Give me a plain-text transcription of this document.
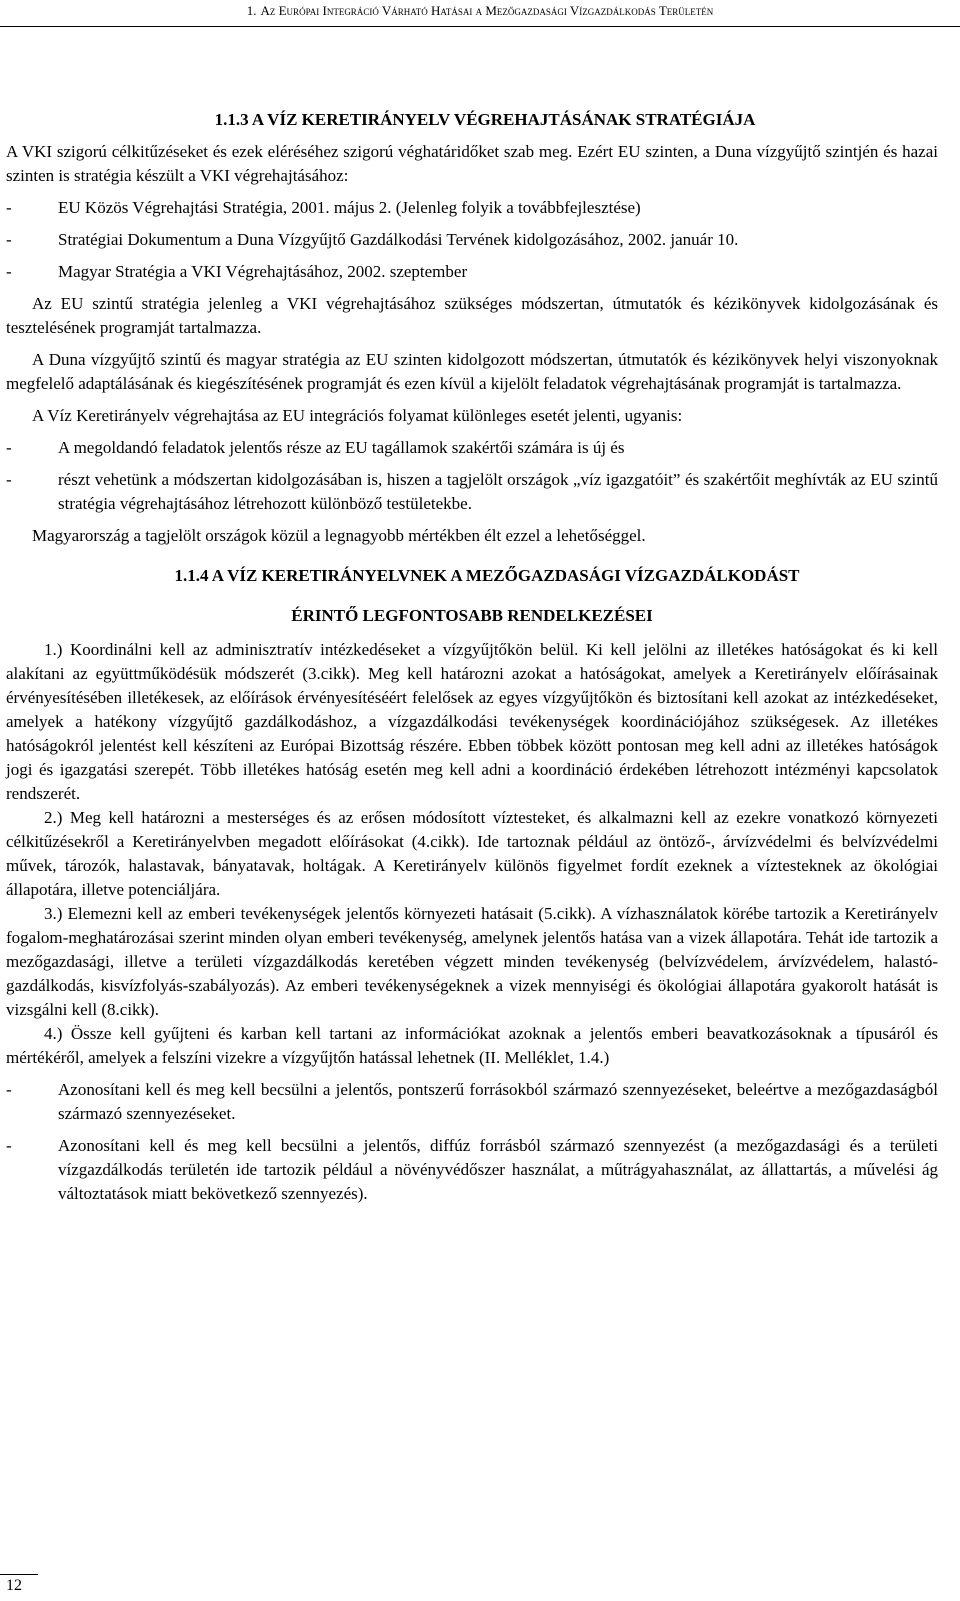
1. Az Európai Integráció Várható Hatásai a Mezőgazdasági Vízgazdálkodás Területén
1.1.3 A VÍZ KERETIRÁNYELV VÉGREHAJTÁSÁNAK STRATÉGIÁJA

A VKI szigorú célkitűzéseket és ezek eléréséhez szigorú véghatáridőket szab meg. Ezért EU szinten, a Duna vízgyűjtő szintjén és hazai szinten is stratégia készült a VKI végrehajtásához:

-	EU Közös Végrehajtási Stratégia, 2001. május 2. (Jelenleg folyik a továbbfejlesztése)
-	Stratégiai Dokumentum a Duna Vízgyűjtő Gazdálkodási Tervének kidolgozásához, 2002. január 10.
-	Magyar Stratégia a VKI Végrehajtásához, 2002. szeptember

Az EU szintű stratégia jelenleg a VKI végrehajtásához szükséges módszertan, útmutatók és kézikönyvek kidolgozásának és tesztelésének programját tartalmazza.

A Duna vízgyűjtő szintű és magyar stratégia az EU szinten kidolgozott módszertan, útmutatók és kézikönyvek helyi viszonyoknak megfelelő adaptálásának és kiegészítésének programját és ezen kívül a kijelölt feladatok végrehajtásának programját is tartalmazza.

A Víz Keretirányelv végrehajtása az EU integrációs folyamat különleges esetét jelenti, ugyanis:

-	A megoldandó feladatok jelentős része az EU tagállamok szakértői számára is új és
-	részt vehetünk a módszertan kidolgozásában is, hiszen a tagjelölt országok „víz igazgatóit” és szakértőit meghívták az EU szintű stratégia végrehajtásához létrehozott különböző testületekbe.

Magyarország a tagjelölt országok közül a legnagyobb mértékben élt ezzel a lehetőséggel.

1.1.4 A VÍZ KERETIRÁNYELVNEK A MEZŐGAZDASÁGI VÍZGAZDÁLKODÁST
ÉRINTŐ LEGFONTOSABB RENDELKEZÉSEI

1.) Koordinálni kell az adminisztratív intézkedéseket a vízgyűjtőkön belül. Ki kell jelölni az illetékes hatóságokat és ki kell alakítani az együttműködésük módszerét (3.cikk). Meg kell határozni azokat a hatóságokat, amelyek a Keretirányelv előírásainak érvényesítésében illetékesek, az előírások érvényesítéséért felelősek az egyes vízgyűjtőkön és biztosítani kell azokat az intézkedéseket, amelyek a hatékony vízgyűjtő gazdálkodáshoz, a vízgazdálkodási tevékenységek koordinációjához szükségesek. Az illetékes hatóságokról jelentést kell készíteni az Európai Bizottság részére. Ebben többek között pontosan meg kell adni az illetékes hatóságok jogi és igazgatási szerepét. Több illetékes hatóság esetén meg kell adni a koordináció érdekében létrehozott intézményi kapcsolatok rendszerét.

2.) Meg kell határozni a mesterséges és az erősen módosított víztesteket, és alkalmazni kell az ezekre vonatkozó környezeti célkitűzésekről a Keretirányelvben megadott előírásokat (4.cikk). Ide tartoznak például az öntöző-, árvízvédelmi és belvízvédelmi művek, tározók, halastavak, bányatavak, holtágak. A Keretirányelv különös figyelmet fordít ezeknek a víztesteknek az ökológiai állapotára, illetve potenciáljára.

3.) Elemezni kell az emberi tevékenységek jelentős környezeti hatásait (5.cikk). A vízhasználatok körébe tartozik a Keretirányelv fogalom-meghatározásai szerint minden olyan emberi tevékenység, amelynek jelentős hatása van a vizek állapotára. Tehát ide tartozik a mezőgazdasági, illetve a területi vízgazdálkodás keretében végzett minden tevékenység (belvízvédelem, árvízvédelem, halastó-gazdálkodás, kisvízfolyás-szabályozás). Az emberi tevékenységeknek a vizek mennyiségi és ökológiai állapotára gyakorolt hatását is vizsgálni kell (8.cikk).

4.) Össze kell gyűjteni és karban kell tartani az információkat azoknak a jelentős emberi beavatkozásoknak a típusáról és mértékéről, amelyek a felszíni vizekre a vízgyűjtőn hatással lehetnek (II. Melléklet, 1.4.)

-	Azonosítani kell és meg kell becsülni a jelentős, pontszerű forrásokból származó szennyezéseket, beleértve a mezőgazdaságból származó szennyezéseket.
-	Azonosítani kell és meg kell becsülni a jelentős, diffúz forrásból származó szennyezést (a mezőgazdasági és a területi vízgazdálkodás területén ide tartozik például a növényvédőszer használat, a műtrágyahasználat, az állattartás, a művelési ág változtatások miatt bekövetkező szennyezés).
12
